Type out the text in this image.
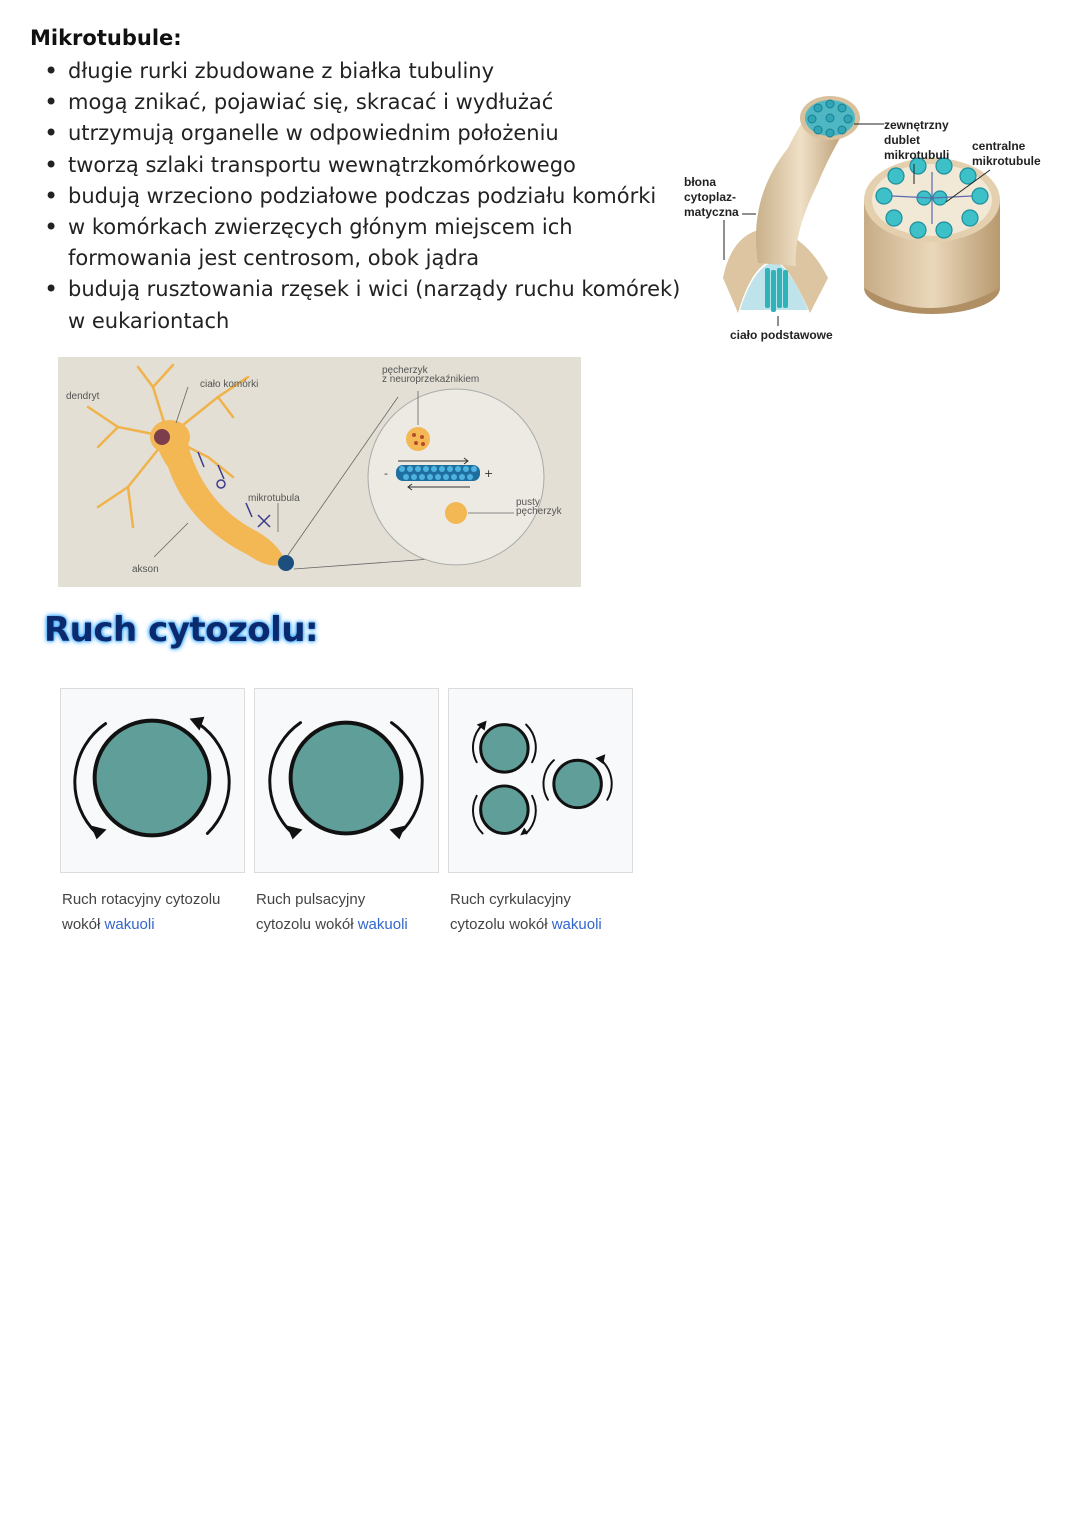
Mikrotubule:
• długie rurki zbudowane z białka tubuliny
• mogą znikać, pojawiać się, skracać i wydłużać
• utrzymują organelle w odpowiednim położeniu
• tworzą szlaki transportu wewnątrzkomórkowego
• budują wrzeciono podziałowe podczas podziału komórki
• w komórkach zwierzęcych głónym miejscem ich formowania jest centrosom, obok jądra
• budują rusztowania rzęsek i wici (narządy ruchu komórek) w eukariontach
zewnętrzny dublet mikrotubuli
centralne mikrotubule
błona cytoplaz-matyczna
ciało podstawowe
-	+
dendryt
ciało komórki
pęcherzyk z neuroprzekaźnikiem
mikrotubula	pusty pęcherzyk
akson
Ruch cytozolu:
Ruch rotacyjny cytozolu
wokół wakuoli
Ruch pulsacyjny
cytozolu wokół wakuoli
Ruch cyrkulacyjny
cytozolu wokół wakuoli
